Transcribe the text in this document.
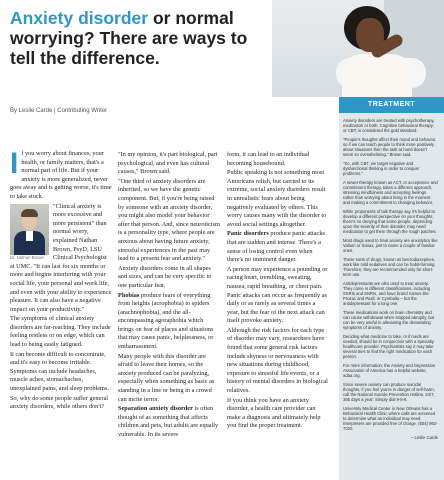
Anxiety disorder or normal worrying? There are ways to tell the difference.
By Leslie Carde | Contributing Writer

If you worry about finances, your health, or family matters, that's a normal part of life. But if your anxiety is more generalized, never goes away and is getting worse, it's time to take stock.

Dr. Nathan Brown

"Clinical anxiety is more excessive and more persistent" than normal worry, explained Nathan Brown, PsyD, LSU Clinical Psychologist at UMC. "It can last for six months or more and begins interfering with your social life, your personal and work life, and even with your ability to experience pleasure. It can also have a negative impact on your productivity."

The symptoms of clinical anxiety disorders are far-reaching. They include feeling restless or on edge, which can lead to being easily fatigued.

It can become difficult to concentrate, and it's easy to become irritable. Symptoms can include headaches, muscle aches, stomachaches, unexplained pains, and sleep problems.

So, why do some people suffer general anxiety disorders, while others don't?

"In my opinion, it's part biological, part psychological, and even has cultural causes," Brown said.

"One third of anxiety disorders are inherited, so we have the genetic component. But, if you're being raised by someone with an anxiety disorder, you might also model your behavior after that person. And, since neuroticism is a personality type, where people are anxious about having future anxiety, stressful experiences in the past may lead to a present fear and anxiety."

Anxiety disorders come in all shapes and sizes, and can be very specific to one particular fear.

Phobias produce fears of everything from heights (acrophobia) to spiders (arachnophobia), and the all-encompassing agoraphobia which brings on fear of places and situations that may cause panic, helplessness, or embarrassment.

Many people with this disorder are afraid to leave their homes, so the anxiety produced can be paralyzing, especially when something as basic as standing in a line or being in a crowd can incite terror.

Separation anxiety disorder is often thought of as something that affects children and pets, but adults are equally vulnerable. In its severe

form, it can lead to an individual becoming housebound.

Public speaking is not something most Americans relish, but carried to its extreme, social anxiety disorders result in unrealistic fears about being negatively evaluated by others. This worry causes many with the disorder to avoid social settings altogether.

Panic disorders produce panic attacks that are sudden and intense. There's a sense of losing control even when there's no imminent danger.

A person may experience a pounding or racing heart, trembling, sweating, nausea, rapid breathing, or chest pain. Panic attacks can occur as frequently as daily or as rarely as several times a year, but the fear of the next attack can itself provoke anxiety.

Although the risk factors for each type of disorder may vary, researchers have found that some general risk factors include shyness or nervousness with new situations during childhood, exposure to stressful life events, or a history of mental disorders in biological relatives.

If you think you have an anxiety disorder, a health care provider can make a diagnosis and ultimately help you find the proper treatment.

TREATMENT

Anxiety disorders are treated with psychotherapy, medication or both. Cognitive behavioral therapy, or CBT, is considered the gold standard.

"People's thoughts affect their mood and behavior, so if we can teach people to think more positively about situations then the task at hand doesn't seem so overwhelming," Brown said.

"So, with CBT, we target negative and dysfunctional thinking in order to conquer problems."

A newer therapy known as ACT, or acceptance and commitment therapy, takes a different approach, stressing mindfulness and accepting feelings rather than worrying about living in the moment and making a commitment to changing behavior.

While proponents of talk therapy say it's helpful to develop a different perspective on your thoughts, there's no denying that some people, depending upon the severity of their disorder, may need medication to get them through the rough patches.

Most drugs used to treat anxiety are anxiolytics like Valium or Xanax, just to name a couple of familiar ones.

These sorts of drugs, known as benzodiazepines, work like mild sedatives and can be habit-forming. Therefore, they are recommended only for short-term use.

Antidepressants are also used to treat anxiety. They come in different classifications, including SSRIs and SNRIs, and have brand names like Prozac and Paxil, or Cymbalta – but the antidepressant for a long one.

These medications work on brain chemistry and can cause withdrawal when stopped abruptly, but can be very useful in alleviating the devastating symptoms of anxiety.

Deciding what medicine to take, or if meds are needed, should be in conjunction with a specialty healthcare provider. Psychiatrists say it may take several tries to find the right medication for each person.

For more information, the Anxiety and Depression Association of America has a helpful website, adaa.org.

Since severe anxiety can produce suicidal thoughts, if you feel you're in danger of self-harm, call the National Suicide Prevention Hotline, 24/7, 365 days a year: Simply dial 9-8-8.

University Medical Center in New Orleans has a Behavioral Health Clinic where calls are screened to determine what an individual may need. Interpreters are provided free of charge. (504) 962-7020.

– Leslie Carde
